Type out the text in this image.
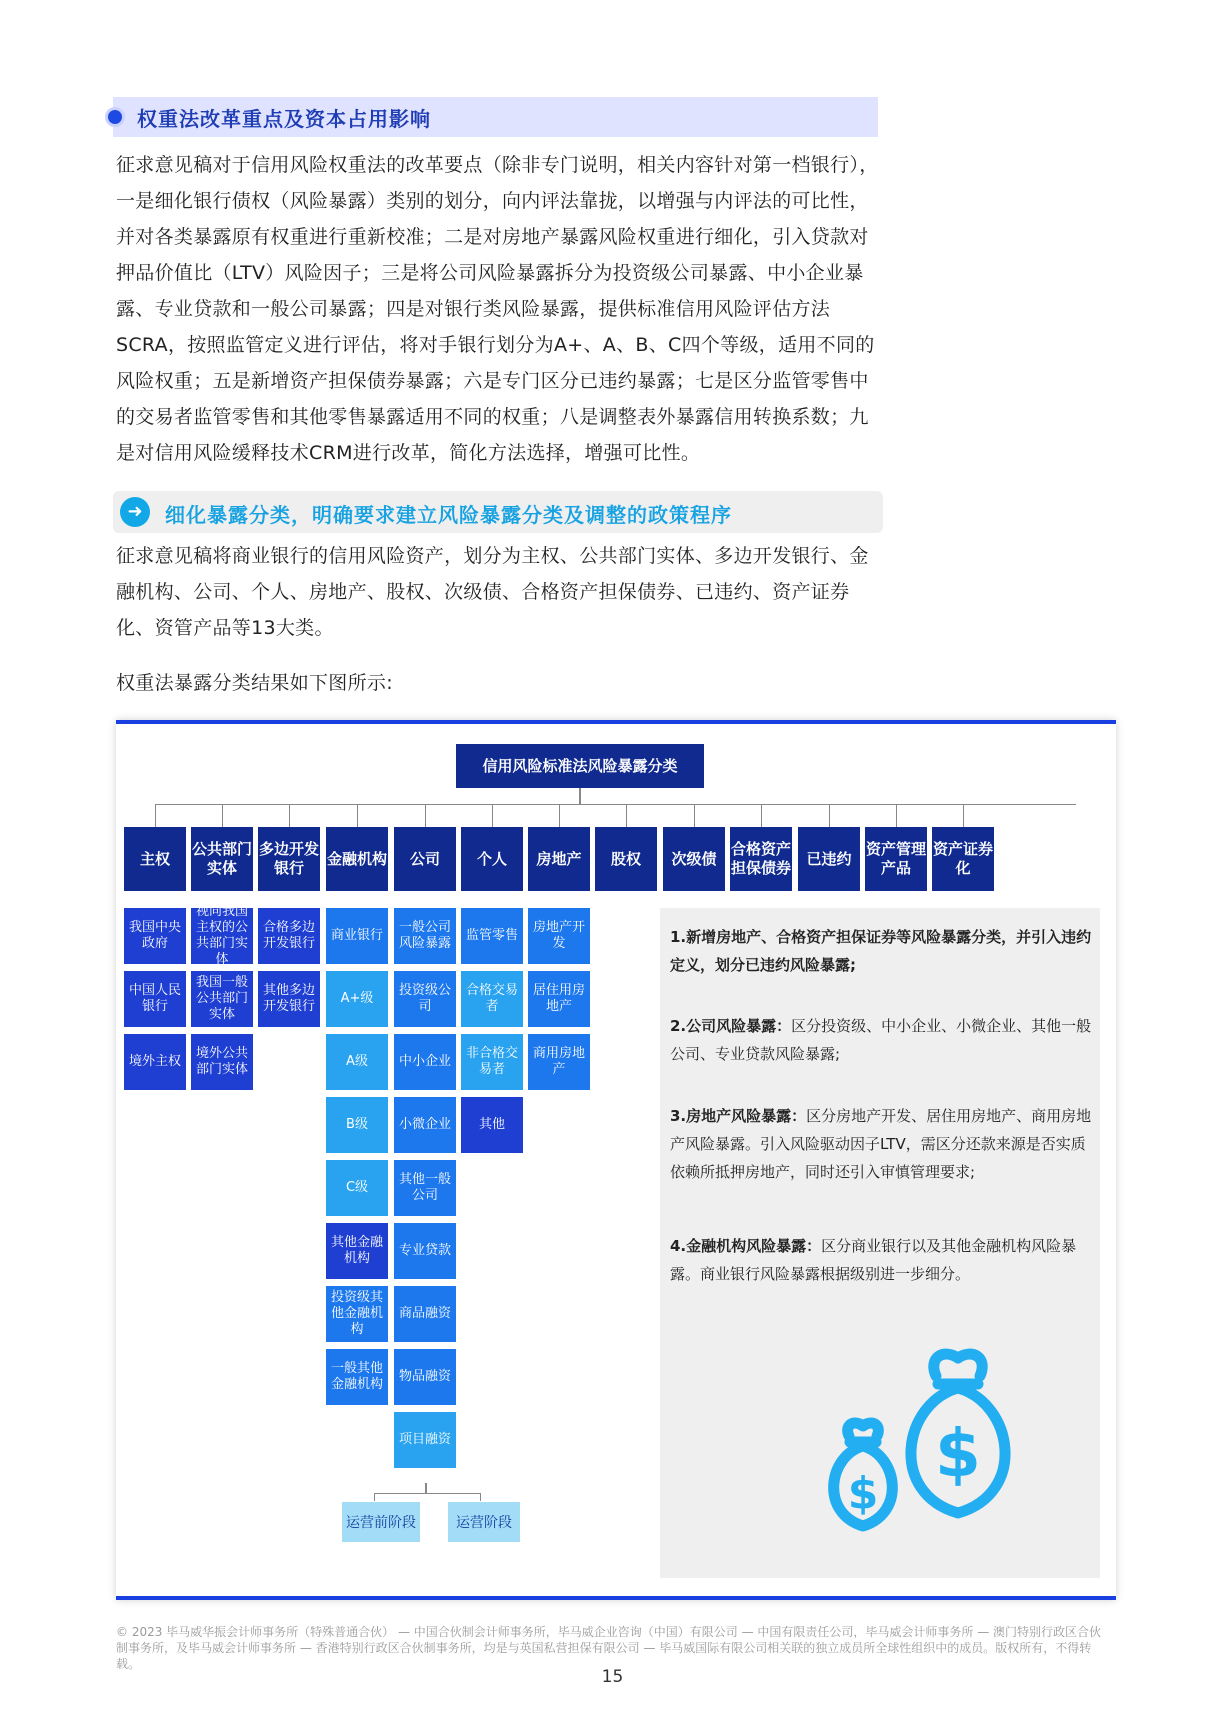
权重法改革重点及资本占用影响
征求意见稿对于信用风险权重法的改革要点（除非专门说明，相关内容针对第一档银行），一是细化银行债权（风险暴露）类别的划分，向内评法靠拢，以增强与内评法的可比性，并对各类暴露原有权重进行重新校准；二是对房地产暴露风险权重进行细化，引入贷款对押品价值比（LTV）风险因子；三是将公司风险暴露拆分为投资级公司暴露、中小企业暴露、专业贷款和一般公司暴露；四是对银行类风险暴露，提供标准信用风险评估方法SCRA，按照监管定义进行评估，将对手银行划分为A+、A、B、C四个等级，适用不同的风险权重；五是新增资产担保债券暴露；六是专门区分已违约暴露；七是区分监管零售中的交易者监管零售和其他零售暴露适用不同的权重；八是调整表外暴露信用转换系数；九是对信用风险缓释技术CRM进行改革，简化方法选择，增强可比性。
➜	细化暴露分类，明确要求建立风险暴露分类及调整的政策程序
征求意见稿将商业银行的信用风险资产，划分为主权、公共部门实体、多边开发银行、金融机构、公司、个人、房地产、股权、次级债、合格资产担保债券、已违约、资产证券化、资管产品等13大类。
权重法暴露分类结果如下图所示:
信用风险标准法风险暴露分类
主权
公共部门实体
多边开发银行
金融机构	公司	个人	房地产	股权	次级债
合格资产担保债券
已违约
资产管理产品
资产证券化
我国中央政府
中国人民银行
境外主权
视同我国主权的公共部门实体
我国一般公共部门实体
境外公共部门实体
合格多边开发银行
其他多边开发银行
商业银行
A+级
A级
B级
C级
其他金融机构
投资级其他金融机构
一般其他金融机构
一般公司风险暴露
投资级公司
中小企业
小微企业
其他一般公司
专业贷款
商品融资
物品融资
项目融资
监管零售
合格交易者
非合格交易者
其他
房地产开发
居住用房地产
商用房地产
运营前阶段	运营阶段
1.新增房地产、合格资产担保证券等风险暴露分类，并引入违约定义，划分已违约风险暴露;
2.公司风险暴露：区分投资级、中小企业、小微企业、其他一般公司、专业贷款风险暴露;
3.房地产风险暴露：区分房地产开发、居住用房地产、商用房地产风险暴露。引入风险驱动因子LTV，需区分还款来源是否实质依赖所抵押房地产，同时还引入审慎管理要求;
4.金融机构风险暴露：区分商业银行以及其他金融机构风险暴露。商业银行风险暴露根据级别进一步细分。
$
$
© 2023 毕马威华振会计师事务所（特殊普通合伙） — 中国合伙制会计师事务所，毕马威企业咨询（中国）有限公司 — 中国有限责任公司，毕马威会计师事务所 — 澳门特别行政区合伙制事务所，及毕马威会计师事务所 — 香港特别行政区合伙制事务所，均是与英国私营担保有限公司 — 毕马威国际有限公司相关联的独立成员所全球性组织中的成员。版权所有，不得转载。
15
